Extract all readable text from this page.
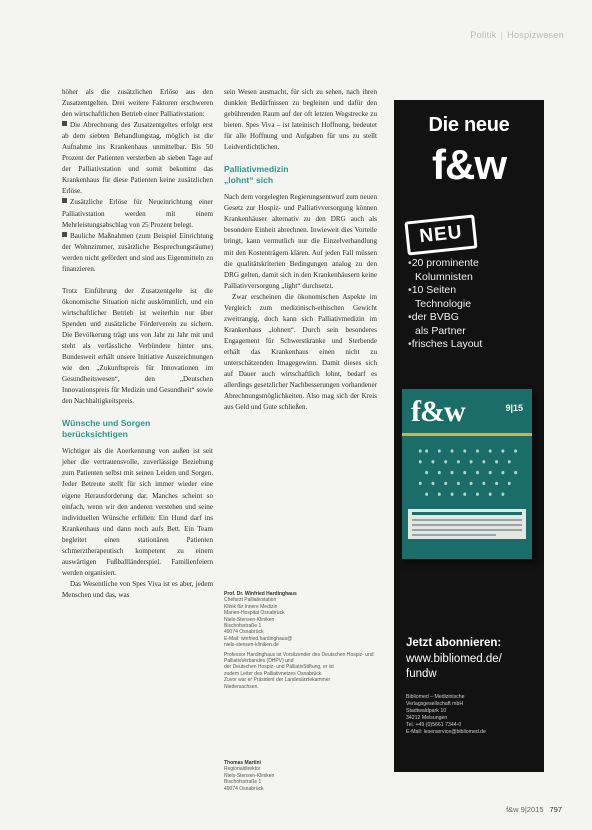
Politik | Hospizwesen

höher als die zusätzlichen Erlöse aus den Zusatzentgelten. Drei weitere Faktoren erschweren den wirtschaftlichen Betrieb einer Palliativstation:

Die Abrechnung des Zusatzentgeltes erfolgt erst ab dem siebten Behandlungstag, möglich ist die Aufnahme ins Krankenhaus unmittelbar. Bis 50 Prozent der Patienten versterben ab sieben Tage auf der Palliativstation und somit bekommt das Krankenhaus für diese Patienten keine zusätzlichen Erlöse.

Zusätzliche Erlöse für Neueinrichtung einer Palliativstation werden mit einem Mehrleistungsabschlag von 25 Prozent belegt.

Bauliche Maßnahmen (zum Beispiel Einrichtung der Wohnzimmer, zusätzliche Besprechungsräume) werden nicht gefördert und sind aus Eigenmitteln zu finanzieren.

Trotz Einführung der Zusatzentgelte ist die ökonomische Situation nicht auskömmlich, und ein wirtschaftlicher Betrieb ist weiterhin nur über Spenden und zusätzliche Förderverein zu sichern. Die Bevölkerung trägt uns von Jahr zu Jahr mit und steht als verlässliche Verbündete hinter uns. Bundesweit erhält unsere Initiative Auszeichnungen wie den „Zukunftspreis für Innovationen im Gesundheitswesen“, den „Deutschen Innovationspreis für Medizin und Gesundheit“ sowie den Nachhaltigkeitspreis.

Wünsche und Sorgen
berücksichtigen

Wichtiger als die Anerkennung von außen ist seit jeher die vertrauensvolle, zuverlässige Beziehung zum Patienten selbst mit seinen Leiden und Sorgen. Jeder Betreute stellt für sich immer wieder eine eigene Herausforderung dar. Manches scheint so einfach, wenn wir den anderen verstehen und seine individuellen Wünsche erfüllen: Ein Hund darf ins Krankenhaus und dann noch aufs Bett. Ein Team begleitet einen stationären Patienten schmerztherapeutisch kompetent zu einem auswärtigen Fußballländerspiel. Familienfeiern werden organisiert.

Das Wesentliche von Spes Viva ist es aber, jedem Menschen und das, was

sein Wesen ausmacht, für sich zu sehen, nach ihren dunklen Bedürfnissen zu begleiten und dafür den gebührenden Raum auf der oft letzten Wegstrecke zu bieten. Spes Viva – ist lateinisch Hoffnung, bedeutet für alle Hoffnung und Aufgaben für uns zu stellt Leidverdichtlichen.

Palliativmedizin
„lohnt“ sich

Nach dem vorgelegten Regierungsentwurf zum neuen Gesetz zur Hospiz- und Palliativversorgung können Krankenhäuser alternativ zu den DRG auch als besondere Einheit abrechnen. Inwieweit dies Vorteile bringt, kann vermutlich nur die Einzelverhandlung mit den Kostenträgern klären. Auf jeden Fall müssen die qualitätskriterien Bedingungen analog zu den DRG gelten, damit sich in den Krankenhäusern keine Palliativversorgung „light“ durchsetzt.

Zwar erscheinen die ökonomischen Aspekte im Vergleich zum medizinisch-ethischen Gewicht zweitrangig, doch kann sich Palliativmedizin im Krankenhaus „lohnen“. Durch sein besonderes Engagement für Schwerstkranke und Sterbende erhält das Krankenhaus einen nicht zu unterschätzenden Imagegewinn. Damit dieses sich auf Dauer auch wirtschaftlich lohnt, bedarf es allerdings gesetzlicher Nachbesserungen vorhandener Abrechnungsmöglichkeiten. Also mag sich der Kreis aus Geld und Gute schließen.

Prof. Dr. Winfried Hardinghaus
Chefarzt Palliativstation
Klinik für Innere Medizin
Marien-Hospital Osnabrück
Niels-Stensen-Kliniken
Bischofsstraße 1
49074 Osnabrück
E-Mail: winfried.hardinghaus@
niels-stensen-kliniken.de
Professor Hardinghaus ist Vorsitzender des Deutschen Hospiz- und PalliativVerbandes (DHPV) und
der Deutschen Hospiz- und PalliativStiftung, er ist
zudem Leiter des Palliativnetzes Osnabrück.
Zuvor war er Präsident der Landesärztekammer
Niedersachsen.
Thomas Martini
Regionaldirektor
Niels-Stensen-Kliniken
Bischofsstraße 1
49074 Osnabrück
Die neue
f&w
NEU
•20 prominente
Kolumnisten
•10 Seiten
Technologie
•der BVBG
als Partner
•frisches Layout
f&w	9|15
Jetzt abonnieren:
www.bibliomed.de/
fundw
Bibliomed – Medizinische
Verlagsgesellschaft mbH
Stadtwaldpark 10
34212 Melsungen
Tel. +49 (0)5661 7344-0
E-Mail: leserservice@bibliomed.de
f&w 9|2015 797
